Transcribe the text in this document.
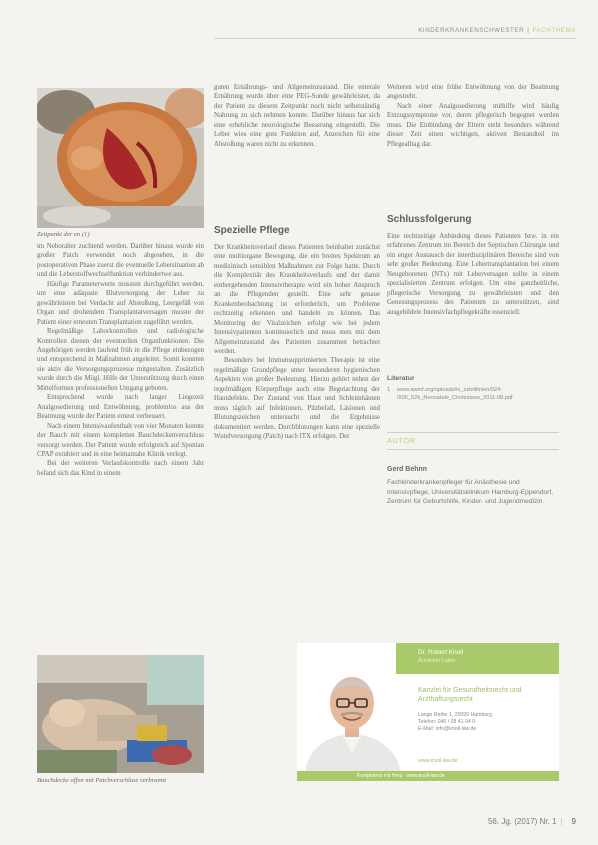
KINDERKRANKENSCHWESTER | FACHTHEMA
Zeitpunkt der en (1)

im Neboralter zuchtend werden. Darüber hinaus wurde ein großer Patch verwendet noch abgesehen, in die postoperativen Phase zuerst die eventuelle Lebersituation ab und die Leberstoffwechselfunktion verhindertwe aus.

Häufige Parameterwerte mussten durchgeführt werden, um eine adäquate Blutversorgung der Leber zu gewährleisten bei Verdacht auf Abstoßung, Leergefäß von Organ und drohendem Transplantatversagen musste der Patient einer erneuten Transplantation zugeführt werden.

Regelmäßige Laborkontrollen und radiologische Kontrollen dienen der eventuellen Organfunktionen. Die Angehörigen werden laufend früh in die Pflege einbezogen und entsprechend in Maßnahmen angeleitet. Somit konnten sie aktiv die Versorgungsprozesse mitgestalten. Zusätzlich wurde durch die Mögl. Hilfe der Unterstützung durch einen Mittelformen professionellen Umgang geboten.

Entsprechend wurde nach langer Liegezeit Analgosedierung und Entwöhnung, problemlos aus der Beatmung wurde der Patient erneut verbessert.

Nach einem Intensivaufenthalt von vier Monaten konnte der Bauch mit einem kompletten Bauchdeckenverschluss versorgt werden. Der Patient wurde erfolgreich auf Spontan CPAP extubiert und in eine heimatnahe Klinik verlegt.

Bei der weiteren Verlaufskontrolle nach einem Jahr befand sich das Kind in einem

Bauchdecke offen mit Patchverschluss verbrannt

guten Ernährungs- und Allgemeinzustand. Die enterale Ernährung wurde über eine PEG-Sonde gewährleistet, da der Patient zu diesem Zeitpunkt noch nicht selbstständig Nahrung zu sich nehmen konnte. Darüber hinaus hat sich eine erhebliche neurologische Besserung eingestellt. Die Leber wies eine gute Funktion auf, Anzeichen für eine Abstoßung waren nicht zu erkennen.

Spezielle Pflege

Der Krankheitsverlauf dieses Patienten beinhaltet zunächst eine multiorgane Bewegung, die ein breites Spektrum an medizinisch sensiblen Maßnahmen zur Folge hatte. Durch die Komplexität des Krankheitsverlaufs und der damit einhergehenden Intensivtherapie wird ein hoher Anspruch an die Pflegenden gestellt. Eine sehr genaue Krankenbeobachtung ist erforderlich, um Probleme rechtzeitig erkennen und handeln zu können. Das Monitoring der Vitalzeichen erfolgt wie bei jedem Intensivpatienten kontinuierlich und muss stets mit dem Allgemeinzustand des Patienten zusammen betrachtet werden.

Besonders bei Immunsupprimierten Therapie ist eine regelmäßige Grundpflege unter besonderen hygienischen Aspekten von großer Bedeutung. Hierzu gehört neben der regelmäßigen Körperpflege auch eine Begutachtung der Hautdefekte. Der Zustand von Haut und Schleimhäuten muss täglich auf Infektionen, Pilzbefall, Läsionen und Blutungszeichen untersucht und die Ergebnisse dokumentiert werden. Durchblutungen kann eine spezielle Wundversorgung (Patch) nach ITX erfolgen. Der

Weiteren wird eine frühe Entwöhnung von der Beatmung angestrebt.

Nach einer Analgosedierung mithilfe wird häufig Entzugssymptome vor, deren pflegerisch begegnet werden muss. Die Einbindung der Eltern steht besonders während dieser Zeit einen wichtigen, aktiven Bestandteil im Pflegealltag dar.

Schlussfolgerung

Eine rechtzeitige Anbindung dieses Patienten bzw. in ein erfahrenes Zentrum im Bereich der Septischen Chirurgie und ein enger Austausch der interdisziplinären Bereiche sind von sehr großer Bedeutung. Eine Lebertransplantation bei einem Neugeborenen (NTx) mit Leberversagen sollte in einem spezialisierten Zentrum erfolgen. Um eine ganzheitliche, pflegerische Versorgung zu gewährleisten und den Genesungsprozess des Patienten zu unterstützen, sind ausgebildete Intensivfachpflegekräfte essenziell.

Literatur
1 www.awmf.org/uploads/tx_szleitlinien/024-009l_S2k_Neonatale_Cholestase_2011-08.pdf
AUTOR
Gerd Behnn
Fachkinderkrankenpfleger für Anästhesie und Intensivpflege, Universitätsklinikum Hamburg-Eppendorf, Zentrum für Geburtshilfe, Kinder- und Jugendmedizin
Dr. Robert Knoll
Ärztlicher Leiter
Kanzlei für Gesundheitsrecht und Arzthaftungsrecht
Lange Reihe 1, 20099 Hamburg
Telefon: 040 / 28 41 04 0
E-Mail: info@knoll-law.de
www.knoll-law.de
Kompetenz mit Herz · www.knoll-law.de
56. Jg. (2017) Nr. 1 | 9
